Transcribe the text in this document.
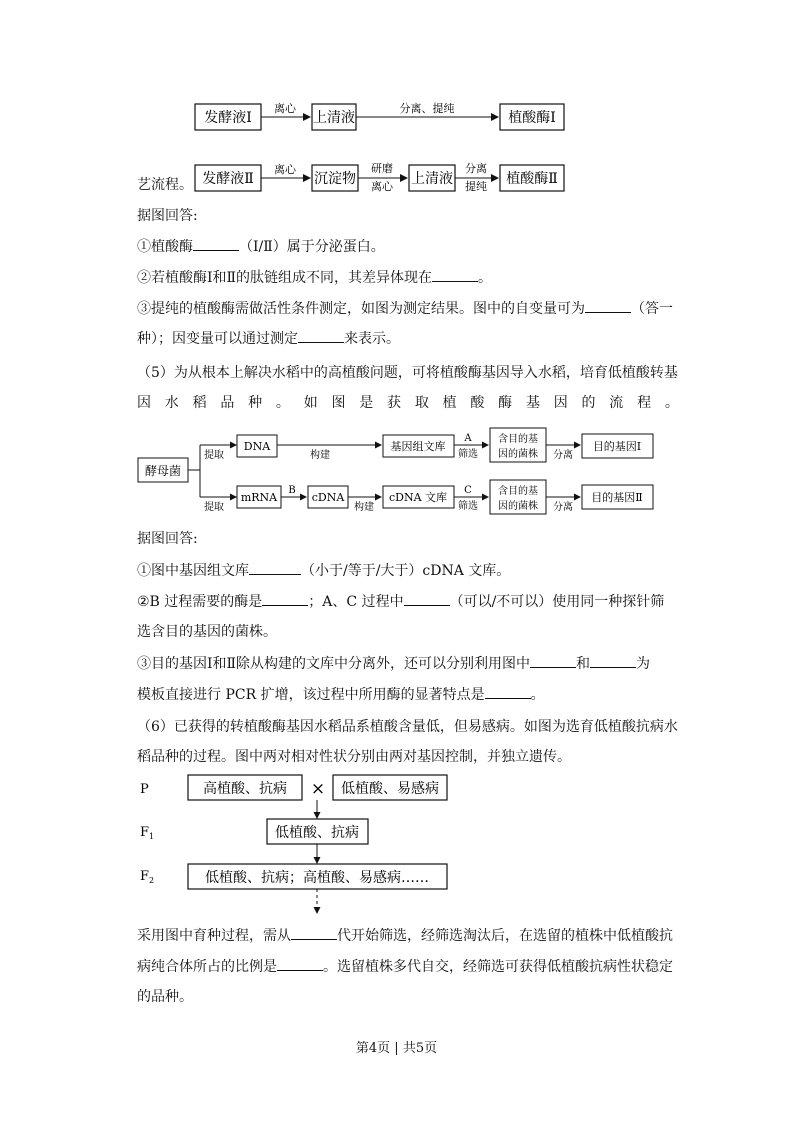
发酵液Ⅰ
离心
上清液
分离、提纯
植酸酶Ⅰ
艺流程。 发酵液Ⅱ
离心
沉淀物
研磨
离心 上清液
分离
提纯 植酸酶Ⅱ
据图回答:
①植酸酶	（Ⅰ/Ⅱ）属于分泌蛋白。
②若植酸酶Ⅰ和Ⅱ的肽链组成不同，其差异体现在	。
③提纯的植酸酶需做活性条件测定，如图为测定结果。图中的自变量可为	（答一
种）；因变量可以通过测定	来表示。
（5）为从根本上解决水稻中的高植酸问题，可将植酸酶基因导入水稻，培育低植酸转基
因 水 稻 品 种 。 如 图 是 获 取 植 酸 酶 基 因 的 流 程 。
酵母菌
提取
提取
DNA
构建
基因组文库
A
筛选
含目的基
因的菌株 分离
目的基因Ⅰ
mRNA
B
cDNA
构建
cDNA 文库
C
筛选
含目的基
因的菌株 分离
目的基因Ⅱ
据图回答:
①图中基因组文库	（小于/等于/大于）cDNA 文库。
②B 过程需要的酶是	；A、C 过程中	（可以/不可以）使用同一种探针筛
选含目的基因的菌株。
③目的基因Ⅰ和Ⅱ除从构建的文库中分离外，还可以分别利用图中	和	为
模板直接进行 PCR 扩增，该过程中所用酶的显著特点是	。
（6）已获得的转植酸酶基因水稻品系植酸含量低，但易感病。如图为选育低植酸抗病水
稻品种的过程。图中两对相对性状分别由两对基因控制，并独立遗传。
P
$F_1$
$F_2$
高植酸、抗病 × 低植酸、易感病
低植酸、抗病
低植酸、抗病；高植酸、易感病……
采用图中育种过程，需从	代开始筛选，经筛选淘汰后，在选留的植株中低植酸抗
病纯合体所占的比例是	。选留植株多代自交，经筛选可获得低植酸抗病性状稳定
的品种。
第4页 | 共5页
